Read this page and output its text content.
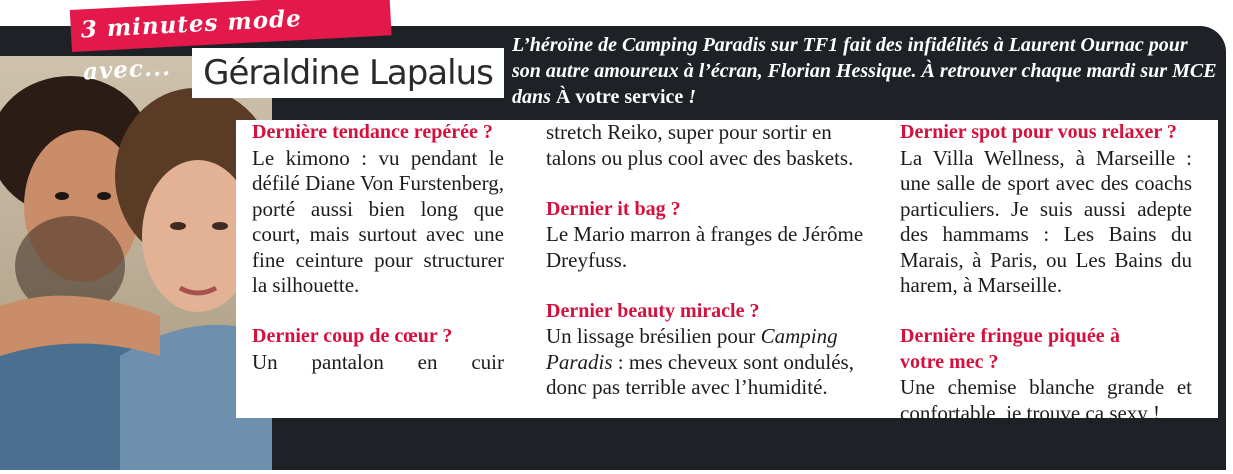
3 minutes mode avec... Géraldine Lapalus
L’héroïne de Camping Paradis sur TF1 fait des infidélités à Laurent Ournac pour son autre amoureux à l’écran, Florian Hessique. À retrouver chaque mardi sur MCE dans À votre service !

Dernière tendance repérée ?

Le kimono : vu pendant le défilé Diane Von Furstenberg, porté aussi bien long que court, mais surtout avec une fine ceinture pour structurer la silhouette.

Dernier coup de cœur ?

Un pantalon en cuir

stretch Reiko, super pour sortir en talons ou plus cool avec des baskets.

Dernier it bag ?

Le Mario marron à franges de Jérôme Dreyfuss.

Dernier beauty miracle ?

Un lissage brésilien pour Camping Paradis : mes cheveux sont ondulés, donc pas terrible avec l’humidité.

Dernier spot pour vous relaxer ?

La Villa Wellness, à Marseille : une salle de sport avec des coachs particuliers. Je suis aussi adepte des hammams : Les Bains du Marais, à Paris, ou Les Bains du harem, à Marseille.

Dernière fringue piquée à votre mec ?

Une chemise blanche grande et confortable, je trouve ça sexy !
